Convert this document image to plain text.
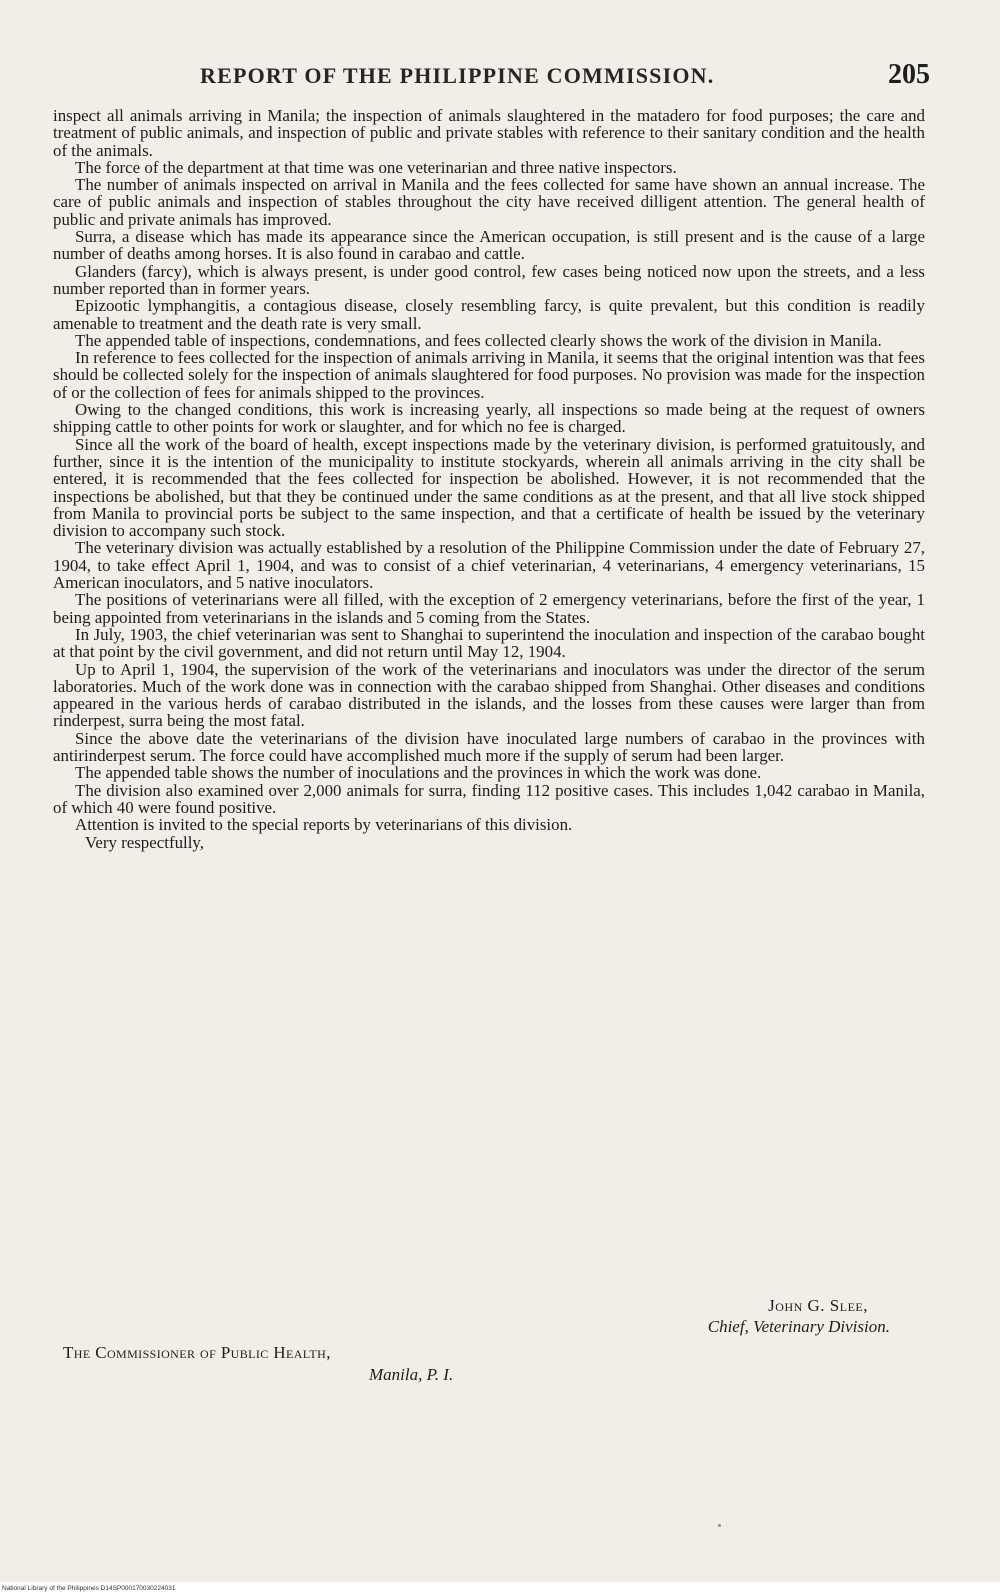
REPORT OF THE PHILIPPINE COMMISSION.	205

inspect all animals arriving in Manila; the inspection of animals slaughtered in the matadero for food purposes; the care and treatment of public animals, and inspection of public and private stables with reference to their sanitary condition and the health of the animals.

The force of the department at that time was one veterinarian and three native inspectors.

The number of animals inspected on arrival in Manila and the fees collected for same have shown an annual increase. The care of public animals and inspection of stables throughout the city have received dilligent attention. The general health of public and private animals has improved.

Surra, a disease which has made its appearance since the American occupation, is still present and is the cause of a large number of deaths among horses. It is also found in carabao and cattle.

Glanders (farcy), which is always present, is under good control, few cases being noticed now upon the streets, and a less number reported than in former years.

Epizootic lymphangitis, a contagious disease, closely resembling farcy, is quite prevalent, but this condition is readily amenable to treatment and the death rate is very small.

The appended table of inspections, condemnations, and fees collected clearly shows the work of the division in Manila.

In reference to fees collected for the inspection of animals arriving in Manila, it seems that the original intention was that fees should be collected solely for the inspection of animals slaughtered for food purposes. No provision was made for the inspection of or the collection of fees for animals shipped to the provinces.

Owing to the changed conditions, this work is increasing yearly, all inspections so made being at the request of owners shipping cattle to other points for work or slaughter, and for which no fee is charged.

Since all the work of the board of health, except inspections made by the veterinary division, is performed gratuitously, and further, since it is the intention of the municipality to institute stockyards, wherein all animals arriving in the city shall be entered, it is recommended that the fees collected for inspection be abolished. However, it is not recommended that the inspections be abolished, but that they be continued under the same conditions as at the present, and that all live stock shipped from Manila to provincial ports be subject to the same inspection, and that a certificate of health be issued by the veterinary division to accompany such stock.

The veterinary division was actually established by a resolution of the Philippine Commission under the date of February 27, 1904, to take effect April 1, 1904, and was to consist of a chief veterinarian, 4 veterinarians, 4 emergency veterinarians, 15 American inoculators, and 5 native inoculators.

The positions of veterinarians were all filled, with the exception of 2 emergency veterinarians, before the first of the year, 1 being appointed from veterinarians in the islands and 5 coming from the States.

In July, 1903, the chief veterinarian was sent to Shanghai to superintend the inoculation and inspection of the carabao bought at that point by the civil government, and did not return until May 12, 1904.

Up to April 1, 1904, the supervision of the work of the veterinarians and inoculators was under the director of the serum laboratories. Much of the work done was in connection with the carabao shipped from Shanghai. Other diseases and conditions appeared in the various herds of carabao distributed in the islands, and the losses from these causes were larger than from rinderpest, surra being the most fatal.

Since the above date the veterinarians of the division have inoculated large numbers of carabao in the provinces with antirinderpest serum. The force could have accomplished much more if the supply of serum had been larger.

The appended table shows the number of inoculations and the provinces in which the work was done.

The division also examined over 2,000 animals for surra, finding 112 positive cases. This includes 1,042 carabao in Manila, of which 40 were found positive.

Attention is invited to the special reports by veterinarians of this division.

Very respectfully,

John G. Slee,
Chief, Veterinary Division.
The Commissioner of Public Health,
Manila, P. I.
National Library of the Philippines D14SP000170030224031
